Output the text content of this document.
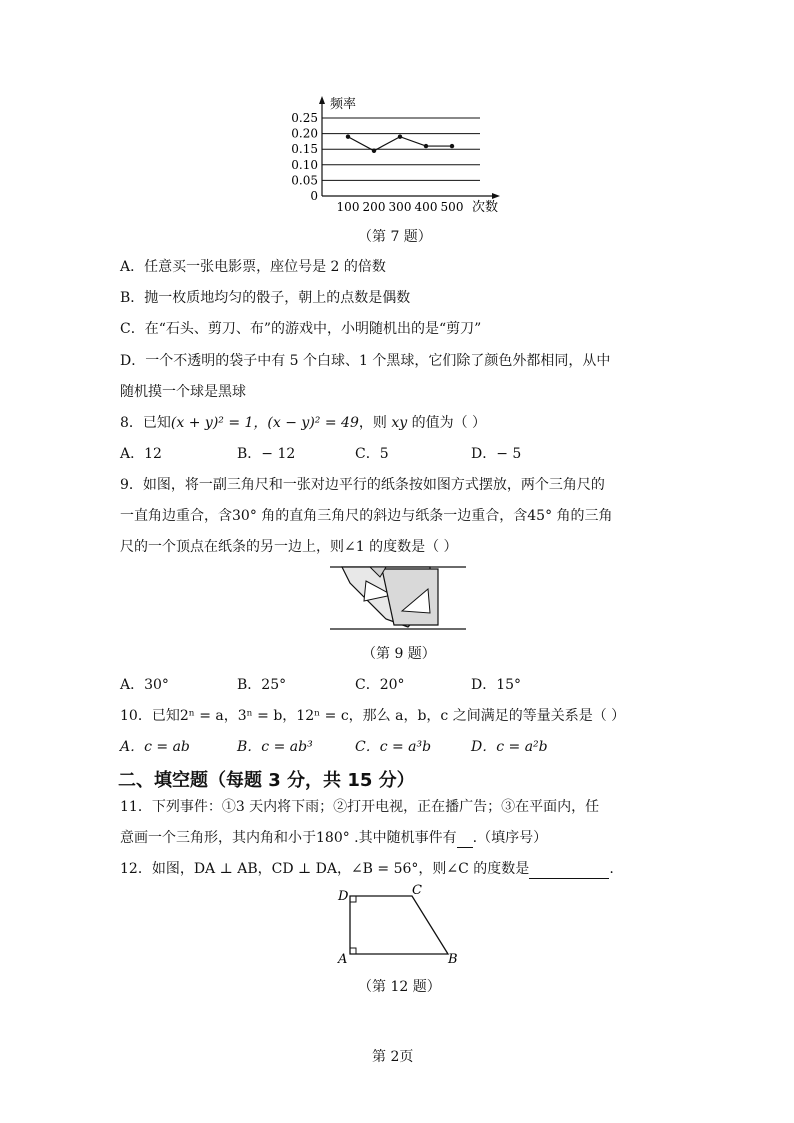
0.25
0.20
0.15
0.10
0.05
0
100 200 300 400 500
频率
次数
（第 7 题）
A．任意买一张电影票，座位号是 2 的倍数
B．抛一枚质地均匀的骰子，朝上的点数是偶数
C．在“石头、剪刀、布”的游戏中，小明随机出的是“剪刀”
D．一个不透明的袋子中有 5 个白球、1 个黑球，它们除了颜色外都相同，从中
随机摸一个球是黑球
8．已知(x + y)² = 1，(x − y)² = 49，则 xy 的值为（ ）
A．12	B．− 12	C．5	D．− 5
9．如图，将一副三角尺和一张对边平行的纸条按如图方式摆放，两个三角尺的
一直角边重合，含30° 角的直角三角尺的斜边与纸条一边重合，含45° 角的三角
尺的一个顶点在纸条的另一边上，则∠1 的度数是（ ）
（第 9 题）
A．30°	B．25°	C．20°	D．15°
10．已知2ⁿ = a，3ⁿ = b，12ⁿ = c，那么 a，b，c 之间满足的等量关系是（ ）
A．c = ab	B．c = ab³	C．c = a³b	D．c = a²b
二、填空题（每题 3 分，共 15 分）
11．下列事件：①3 天内将下雨；②打开电视，正在播广告；③在平面内，任
意画一个三角形，其内角和小于180° .其中随机事件有 .（填序号）
12．如图，DA ⊥ AB，CD ⊥ DA，∠B = 56°，则∠C 的度数是	.
D	C
A	B
（第 12 题）
第 2页
